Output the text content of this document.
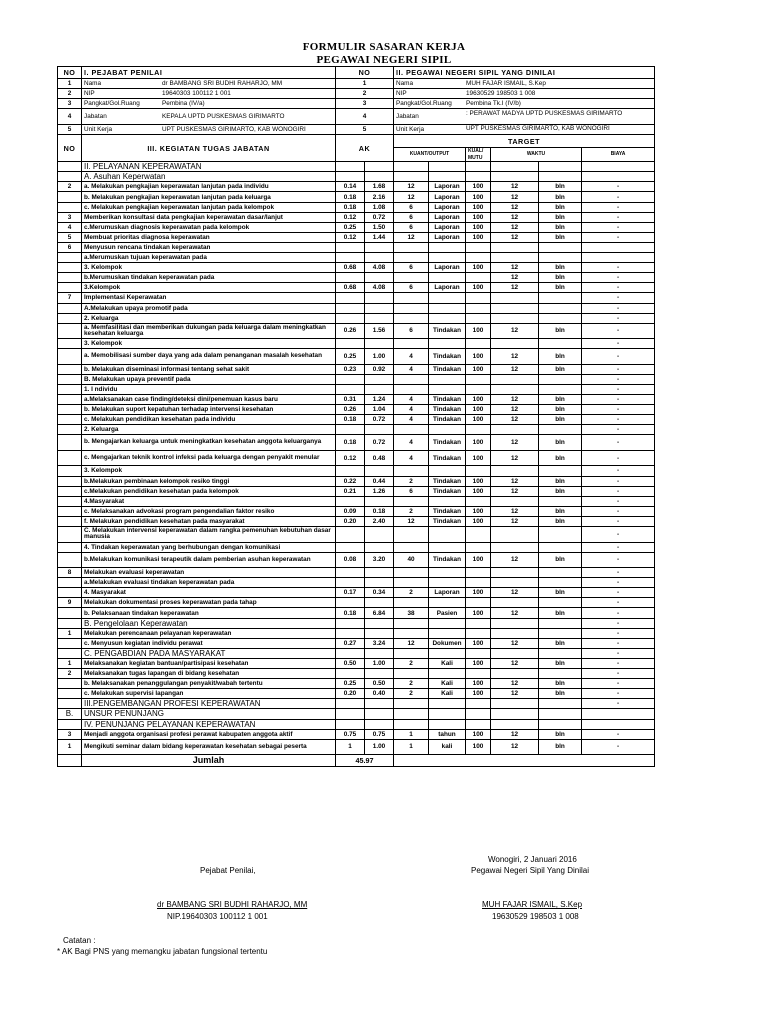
FORMULIR SASARAN KERJA
PEGAWAI NEGERI SIPIL
NO	I. PEJABAT PENILAI	NO		II. PEGAWAI NEGERI SIPIL YANG DINILAI					
1	Nama dr BAMBANG SRI BUDHI RAHARJO, MM	1		Nama MUH FAJAR ISMAIL, S.Kep					

2	NIP 19640303 100112 1 001	2		NIP 19630529 198503 1 008					

3	Pangkat/Gol.Ruang Pembina (IV/a)	3		Pangkat/Gol.Ruang Pembina Tk.I (IV/b)					

4	Jabatan KEPALA UPTD PUSKESMAS GIRIMARTO	4		Jabatan : PERAWAT MADYA UPTD PUSKESMAS GIRIMARTO					

5	Unit Kerja UPT PUSKESMAS GIRIMARTO, KAB WONOGIRI	5		Unit Kerja UPT PUSKESMAS GIRIMARTO, KAB WONOGIRI					

NO	III. KEGIATAN TUGAS JABATAN	AK		TARGET					
				KUANT/OUTPUT		KUAL/ MUTU	WAKTU		BIAYA
	II. PELAYANAN KEPERAWATAN								
	A. Asuhan Keperwatan								
2	a. Melakukan pengkajian keperawatan lanjutan pada individu	0.14	1.68	12	Laporan	100	12	bln	-
	b. Melakukan pengkajian keperawatan lanjutan pada keluarga	0.18	2.16	12	Laporan	100	12	bln	-
	c. Melakukan pengkajian keperawatan lanjutan pada kelompok	0.18	1.08	6	Laporan	100	12	bln	-
3	Memberikan konsultasi data pengkajian keperawatan dasar/lanjut	0.12	0.72	6	Laporan	100	12	bln	-
4	c.Merumuskan diagnosis keperawatan pada kelompok	0.25	1.50	6	Laporan	100	12	bln	-
5	Membuat prioritas diagnosa keperawatan	0.12	1.44	12	Laporan	100	12	bln	-
6	Menyusun rencana tindakan keperawatan								
	a.Merumuskan tujuan keperawatan pada								
	3. Kelompok	0.68	4.08	6	Laporan	100	12	bln	-
	b.Merumuskan tindakan keperawatan pada						12	bln	-
	3.Kelompok	0.68	4.08	6	Laporan	100	12	bln	-
7	Implementasi Keperawatan								-
	A.Melakukan upaya promotif pada								-
	2. Keluarga								-
	a. Memfasilitasi dan memberikan dukungan pada keluarga dalam meningkatkan kesehatan keluarga	0.26	1.56	6	Tindakan	100	12	bln	-
	3. Kelompok								-
	a. Memobilisasi sumber daya yang ada dalam penanganan masalah kesehatan	0.25	1.00	4	Tindakan	100	12	bln	-
	b. Melakukan diseminasi informasi tentang sehat sakit	0.23	0.92	4	Tindakan	100	12	bln	-
	B. Melakukan upaya preventif pada								-
	1. I ndividu								-
	a.Melaksanakan case finding/deteksi dini/penemuan kasus baru	0.31	1.24	4	Tindakan	100	12	bln	-
	b. Melakukan suport kepatuhan terhadap intervensi kesehatan	0.26	1.04	4	Tindakan	100	12	bln	-
	c. Melakukan pendidikan kesehatan pada individu	0.18	0.72	4	Tindakan	100	12	bln	-
	2. Keluarga								-
	b. Mengajarkan keluarga untuk meningkatkan kesehatan anggota keluarganya	0.18	0.72	4	Tindakan	100	12	bln	-
	c. Mengajarkan teknik kontrol infeksi pada keluarga dengan penyakit menular	0.12	0.48	4	Tindakan	100	12	bln	-
	3. Kelompok								-
	b.Melakukan pembinaan kelompok resiko tinggi	0.22	0.44	2	Tindakan	100	12	bln	-
	c.Melakukan pendidikan kesehatan pada kelompok	0.21	1.26	6	Tindakan	100	12	bln	-
	4.Masyarakat								-
	c. Melaksanakan advokasi program pengendalian faktor resiko	0.09	0.18	2	Tindakan	100	12	bln	-
	f. Melakukan pendidikan kesehatan pada masyarakat	0.20	2.40	12	Tindakan	100	12	bln	-
	C. Melakukan intervensi keperawatan dalam rangka pemenuhan kebutuhan dasar manusia								-
	4. Tindakan keperawatan yang berhubungan dengan komunikasi								-
	b.Melakukan komunikasi terapeutik dalam pemberian asuhan keperawatan	0.08	3.20	40	Tindakan	100	12	bln	-
8	Melakukan evaluasi keperawatan								-
	a.Melakukan evaluasi tindakan keperawatan pada								-
	4. Masyarakat	0.17	0.34	2	Laporan	100	12	bln	-
9	Melakukan dokumentasi proses keperawatan pada tahap								-
	b. Pelaksanaan tindakan keperawatan	0.18	6.84	38	Pasien	100	12	bln	-
	B. Pengelolaan Keperawatan								-
1	Melakukan perencanaan pelayanan keperawatan								-
	c. Menyusun kegiatan individu perawat	0.27	3.24	12	Dokumen	100	12	bln	-
	C. PENGABDIAN PADA MASYARAKAT								-
1	Melaksanakan kegiatan bantuan/partisipasi kesehatan	0.50	1.00	2	Kali	100	12	bln	-
2	Melaksanakan tugas lapangan di bidang kesehatan								-
	b. Melaksanakan penanggulangan penyakit/wabah tertentu	0.25	0.50	2	Kali	100	12	bln	-
	c. Melakukan supervisi lapangan	0.20	0.40	2	Kali	100	12	bln	-
	III.PENGEMBANGAN PROFESI KEPERAWATAN								-
B.	UNSUR PENUNJANG								
	IV. PENUNJANG PELAYANAN KEPERAWATAN								
3	Menjadi anggota organisasi profesi perawat kabupaten anggota aktif	0.75	0.75	1	tahun	100	12	bln	-
1	Mengikuti seminar dalam bidang keperawatan kesehatan sebagai peserta	1	1.00	1	kali	100	12	bln	-
	Jumlah	45.97							
Wonogiri, 2 Januari 2016
Pejabat Penilai,	Pegawai Negeri Sipil Yang Dinilai
dr BAMBANG SRI BUDHI RAHARJO, MM
NIP.19640303 100112 1 001
MUH FAJAR ISMAIL, S.Kep
19630529 198503 1 008
Catatan :
* AK Bagi PNS yang memangku jabatan fungsional tertentu
